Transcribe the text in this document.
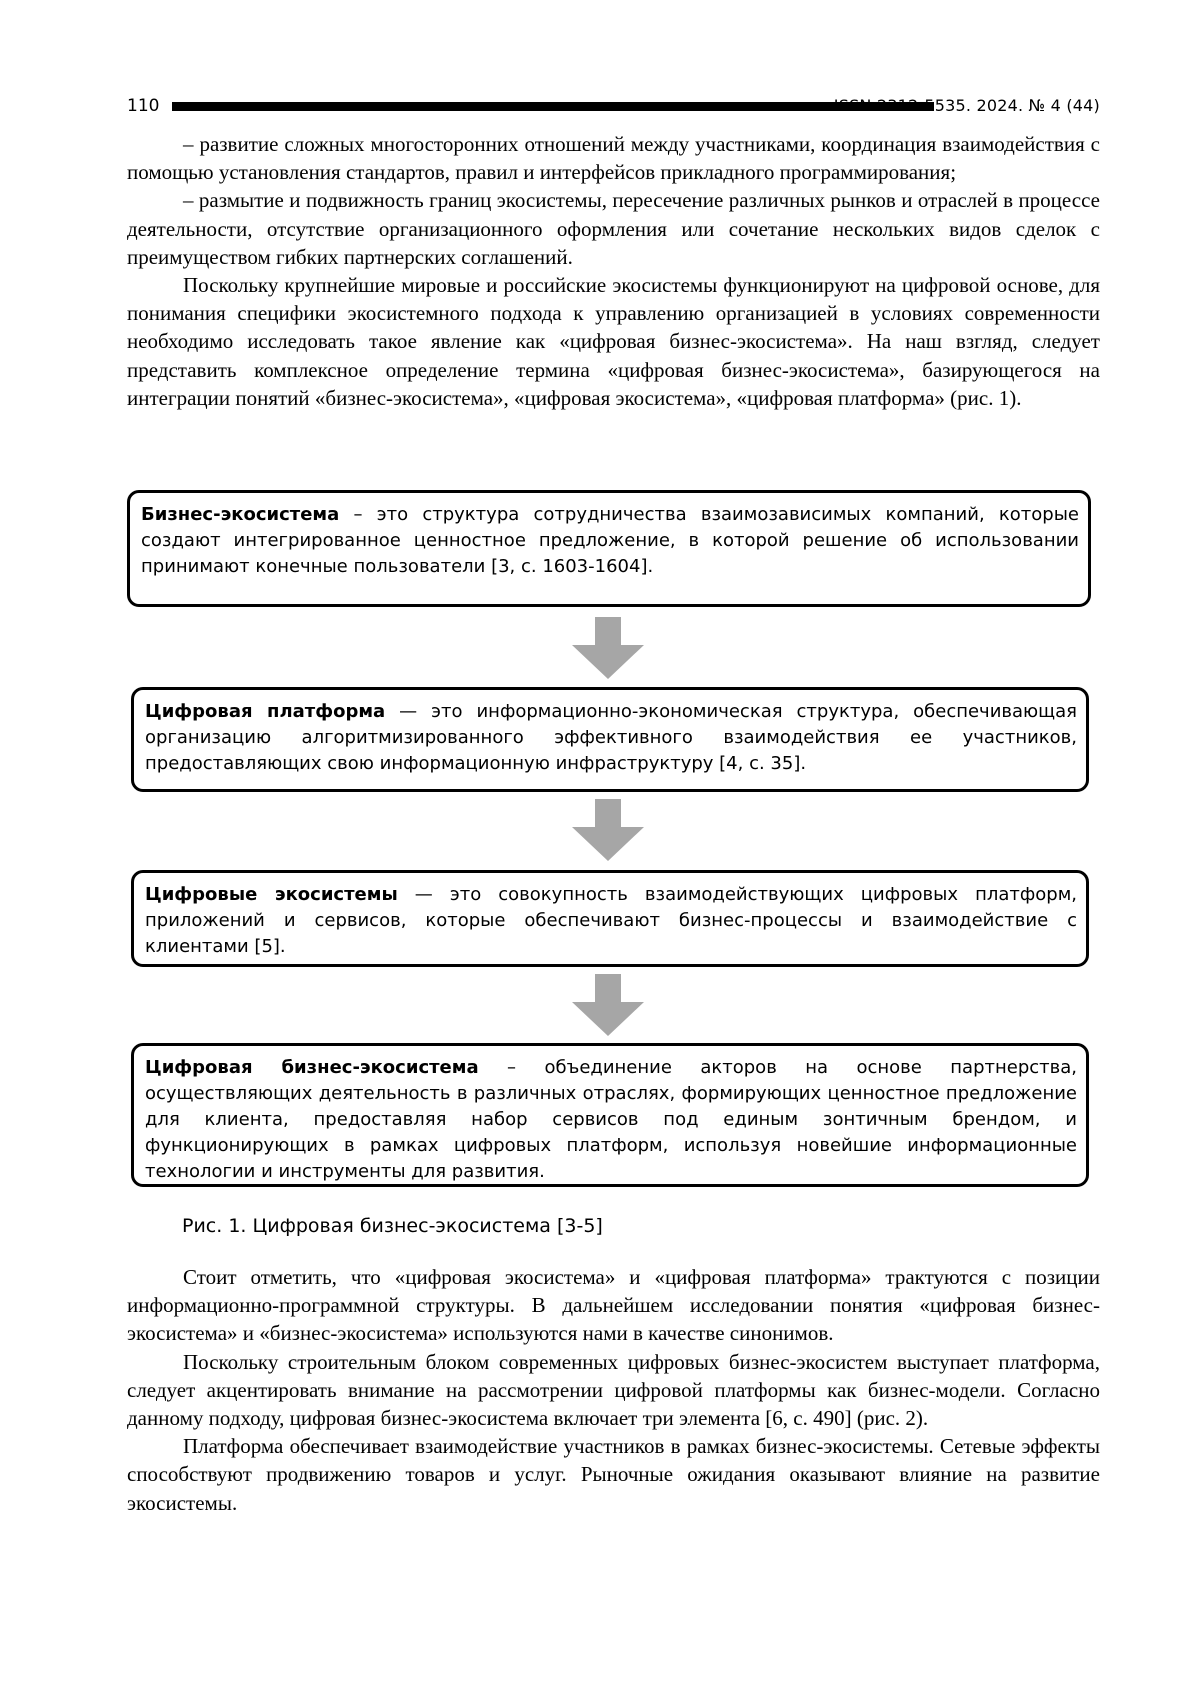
110	ISSN 2312-5535. 2024. № 4 (44)

– развитие сложных многосторонних отношений между участниками, координация взаимодействия с помощью установления стандартов, правил и интерфейсов прикладного программирования;

– размытие и подвижность границ экосистемы, пересечение различных рынков и отраслей в процессе деятельности, отсутствие организационного оформления или сочетание нескольких видов сделок с преимуществом гибких партнерских соглашений.

Поскольку крупнейшие мировые и российские экосистемы функционируют на цифровой основе, для понимания специфики экосистемного подхода к управлению организацией в условиях современности необходимо исследовать такое явление как «цифровая бизнес-экосистема». На наш взгляд, следует представить комплексное определение термина «цифровая бизнес-экосистема», базирующегося на интеграции понятий «бизнес-экосистема», «цифровая экосистема», «цифровая платформа» (рис. 1).

Бизнес-экосистема – это структура сотрудничества взаимозависимых компаний, которые создают интегрированное ценностное предложение, в которой решение об использовании принимают конечные пользователи [3, с. 1603-1604].
Цифровая платформа — это информационно-экономическая структура, обеспечивающая организацию алгоритмизированного эффективного взаимодействия ее участников, предоставляющих свою информационную инфраструктуру [4, с. 35].
Цифровые экосистемы — это совокупность взаимодействующих цифровых платформ, приложений и сервисов, которые обеспечивают бизнес-процессы и взаимодействие с клиентами [5].
Цифровая бизнес-экосистема – объединение акторов на основе партнерства, осуществляющих деятельность в различных отраслях, формирующих ценностное предложение для клиента, предоставляя набор сервисов под единым зонтичным брендом, и функционирующих в рамках цифровых платформ, используя новейшие информационные технологии и инструменты для развития.
Рис. 1. Цифровая бизнес-экосистема [3-5]

Стоит отметить, что «цифровая экосистема» и «цифровая платформа» трактуются с позиции информационно-программной структуры. В дальнейшем исследовании понятия «цифровая бизнес-экосистема» и «бизнес-экосистема» используются нами в качестве синонимов.

Поскольку строительным блоком современных цифровых бизнес-экосистем выступает платформа, следует акцентировать внимание на рассмотрении цифровой платформы как бизнес-модели. Согласно данному подходу, цифровая бизнес-экосистема включает три элемента [6, с. 490] (рис. 2).

Платформа обеспечивает взаимодействие участников в рамках бизнес-экосистемы. Сетевые эффекты способствуют продвижению товаров и услуг. Рыночные ожидания оказывают влияние на развитие экосистемы.
